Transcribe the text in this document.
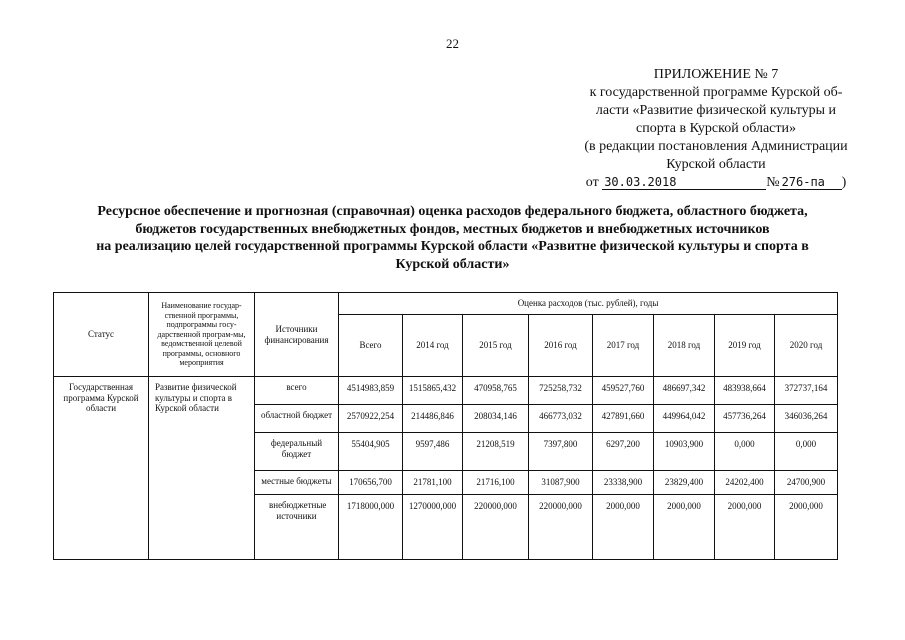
22
ПРИЛОЖЕНИЕ № 7
к государственной программе Курской об-
ласти «Развитие физической культуры и
спорта в Курской области»
(в редакции постановления Администрации
Курской области
от 30.03.2018	№ 276-па )
Ресурсное обеспечение и прогнозная (справочная) оценка расходов федерального бюджета, областного бюджета,
бюджетов государственных внебюджетных фондов, местных бюджетов и внебюджетных источников
на реализацию целей государственной программы Курской области «Развитне физической культуры и спорта в
Курской области»
Статус	Наименование государ-ственной программы, подпрограммы госу-дарственной програм-мы, ведомственной целевой программы, основного мероприятия	Источники финансирования	Оценка расходов (тыс. рублей), годы							
			Всего	2014 год	2015 год	2016 год	2017 год	2018 год	2019 год	2020 год
Государственная программа Курской области	Развитие физической культуры и спорта в Курской области	всего	4514983,859	1515865,432	470958,765	725258,732	459527,760	486697,342	483938,664	372737,164
		областной бюджет	2570922,254	214486,846	208034,146	466773,032	427891,660	449964,042	457736,264	346036,264
		федеральный бюджет	55404,905	9597,486	21208,519	7397,800	6297,200	10903,900	0,000	0,000
		местные бюджеты	170656,700	21781,100	21716,100	31087,900	23338,900	23829,400	24202,400	24700,900
		внебюджетные источники	1718000,000	1270000,000	220000,000	220000,000	2000,000	2000,000	2000,000	2000,000
